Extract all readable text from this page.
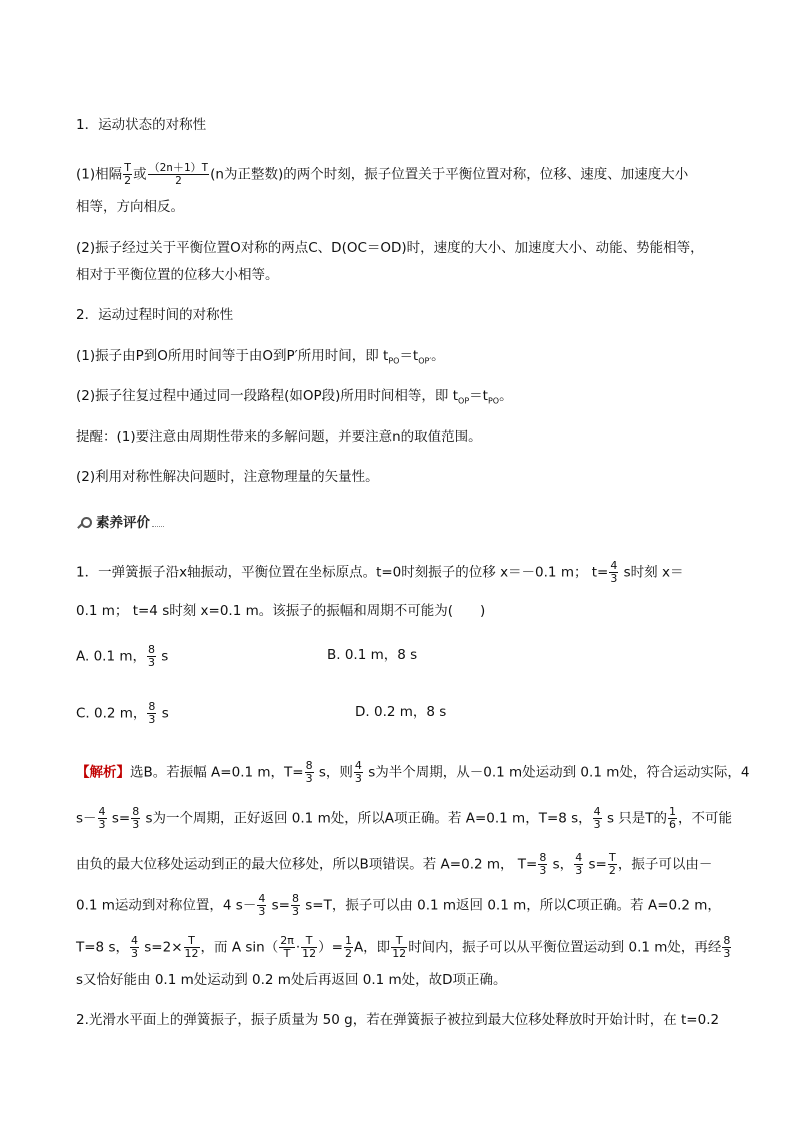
1．运动状态的对称性
(1)相隔 $\frac{T}{2}$ 或 $\frac{(2n+1)T}{2} (n$为正整数)的两个时刻，振子位置关于平衡位置对称，位移、速度、加速度大小
相等，方向相反。
(2)振子经过关于平衡位置O对称的两点C、D(OC＝OD)时，速度的大小、加速度大小、动能、势能相等，
相对于平衡位置的位移大小相等。
2．运动过程时间的对称性
(1)振子由P到O所用时间等于由O到P′所用时间，即 $t_{PO}=t_{OP'}$。
(2)振子往复过程中通过同一段路程(如OP段)所用时间相等，即 $t_{OP}=t_{PO}$。
提醒：(1)要注意由周期性带来的多解问题，并要注意n的取值范围。
(2)利用对称性解决问题时，注意物理量的矢量性。
素养评价
1．一弹簧振子沿x轴振动，平衡位置在坐标原点。t=0时刻振子的位移 x＝－0.1 m； $t= \frac{4}{3}$ s时刻 x＝
0.1 m； t=4 s时刻 x=0.1 m。该振子的振幅和周期不可能为(　　)
A. 0.1 m， $\frac{8}{3}$ s	B. 0.1 m，8 s
C. 0.2 m， $\frac{8}{3}$ s	D. 0.2 m，8 s
【解析】选B。若振幅 A=0.1 m，$T= \frac{8}{3}$ s，则 $\frac{4}{3}$ s为半个周期，从－0.1 m处运动到 0.1 m处，符合运动实际，4
$s- \frac{4}{3} s= \frac{8}{3}$ s为一个周期，正好返回 0.1 m处，所以A项正确。若 A=0.1 m，T=8 s， $\frac{4}{3}$ s 只是T的 $\frac{1}{6}$ ，不可能
由负的最大位移处运动到正的最大位移处，所以B项错误。若 A=0.2 m， $T= \frac{8}{3}$ s， $\frac{4}{3} s= \frac{T}{2}$ ，振子可以由－
0.1 m运动到对称位置，4 $s- \frac{4}{3} s= \frac{8}{3} s=T$，振子可以由 0.1 m返回 0.1 m，所以C项正确。若 A=0.2 m，
T=8 s， $\frac{4}{3} s=2\times \frac{T}{12}$ ，而 A $\sin( \frac{2\pi}{T} \cdot \frac{T}{12}$ ）= $\frac{1}{2}$ A，即 $\frac{T}{12}$ 时间内，振子可以从平衡位置运动到 0.1 m处，再经 $\frac{8}{3}$
s又恰好能由 0.1 m处运动到 0.2 m处后再返回 0.1 m处，故D项正确。
2.光滑水平面上的弹簧振子，振子质量为 50 g，若在弹簧振子被拉到最大位移处释放时开始计时，在 t=0.2
